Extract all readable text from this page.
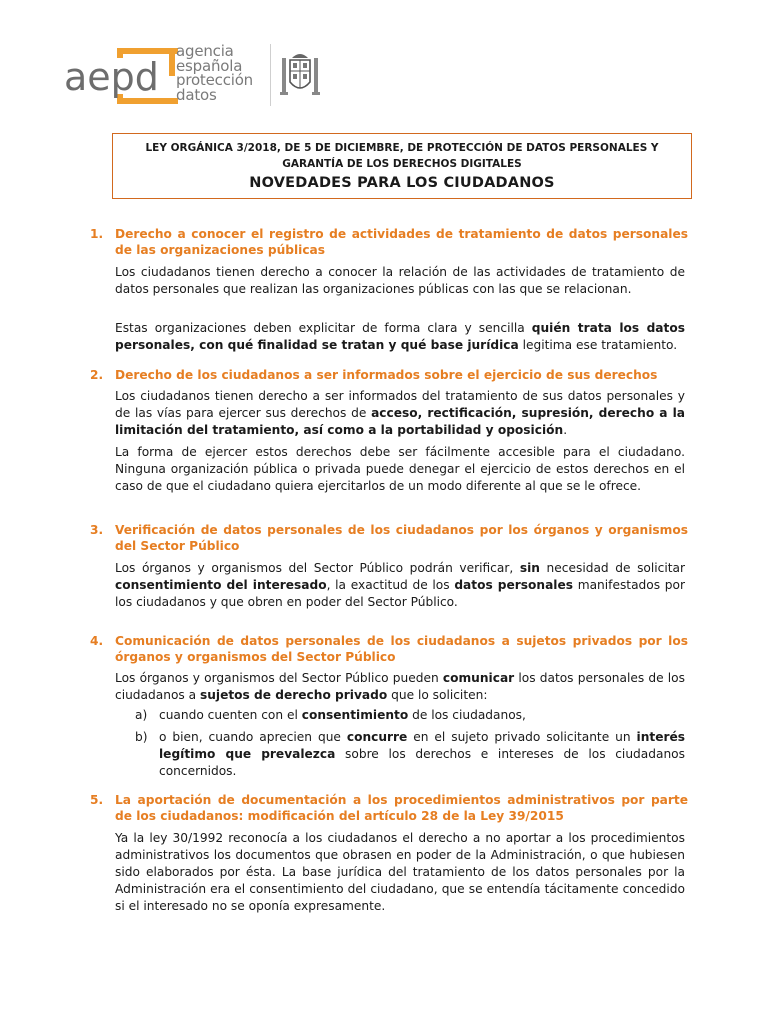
aepd
agencia
española
protección
datos
LEY ORGÁNICA 3/2018, DE 5 DE DICIEMBRE, DE PROTECCIÓN DE DATOS PERSONALES Y GARANTÍA DE LOS DERECHOS DIGITALES
NOVEDADES PARA LOS CIUDADANOS
1. Derecho a conocer el registro de actividades de tratamiento de datos personales de las organizaciones públicas
Los ciudadanos tienen derecho a conocer la relación de las actividades de tratamiento de datos personales que realizan las organizaciones públicas con las que se relacionan.
Estas organizaciones deben explicitar de forma clara y sencilla quién trata los datos personales, con qué finalidad se tratan y qué base jurídica legitima ese tratamiento.
2. Derecho de los ciudadanos a ser informados sobre el ejercicio de sus derechos
Los ciudadanos tienen derecho a ser informados del tratamiento de sus datos personales y de las vías para ejercer sus derechos de acceso, rectificación, supresión, derecho a la limitación del tratamiento, así como a la portabilidad y oposición.
La forma de ejercer estos derechos debe ser fácilmente accesible para el ciudadano. Ninguna organización pública o privada puede denegar el ejercicio de estos derechos en el caso de que el ciudadano quiera ejercitarlos de un modo diferente al que se le ofrece.
3. Verificación de datos personales de los ciudadanos por los órganos y organismos del Sector Público
Los órganos y organismos del Sector Público podrán verificar, sin necesidad de solicitar consentimiento del interesado, la exactitud de los datos personales manifestados por los ciudadanos y que obren en poder del Sector Público.
4. Comunicación de datos personales de los ciudadanos a sujetos privados por los órganos y organismos del Sector Público
Los órganos y organismos del Sector Público pueden comunicar los datos personales de los ciudadanos a sujetos de derecho privado que lo soliciten:
a) cuando cuenten con el consentimiento de los ciudadanos,
b) o bien, cuando aprecien que concurre en el sujeto privado solicitante un interés legítimo que prevalezca sobre los derechos e intereses de los ciudadanos concernidos.
5. La aportación de documentación a los procedimientos administrativos por parte de los ciudadanos: modificación del artículo 28 de la Ley 39/2015
Ya la ley 30/1992 reconocía a los ciudadanos el derecho a no aportar a los procedimientos administrativos los documentos que obrasen en poder de la Administración, o que hubiesen sido elaborados por ésta. La base jurídica del tratamiento de los datos personales por la Administración era el consentimiento del ciudadano, que se entendía tácitamente concedido si el interesado no se oponía expresamente.
